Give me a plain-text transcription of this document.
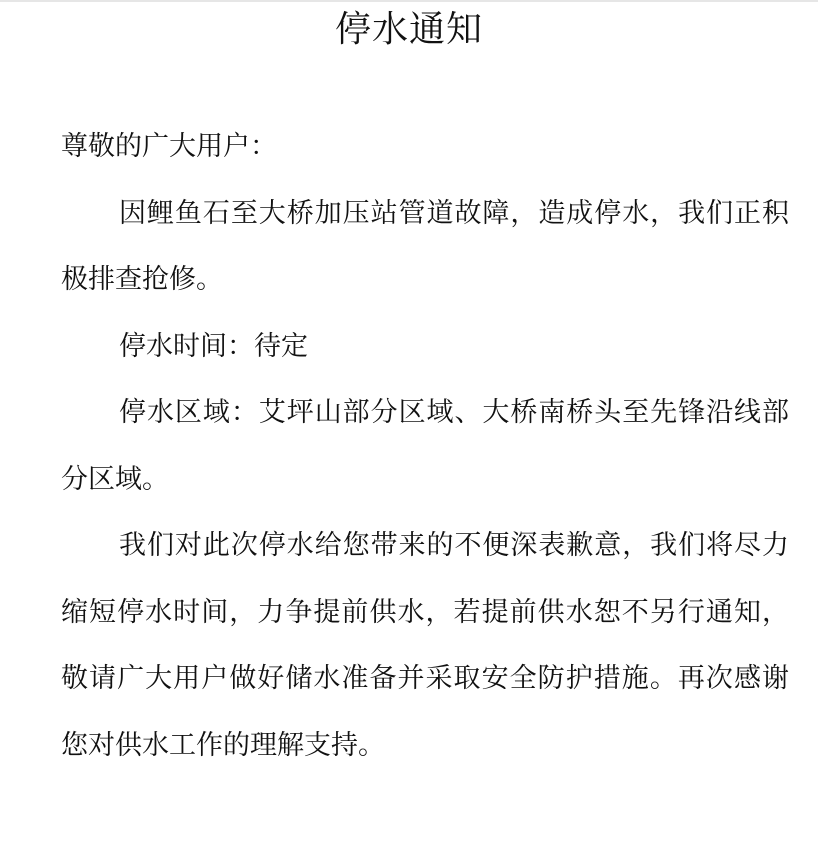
停水通知

尊敬的广大用户：

因鲤鱼石至大桥加压站管道故障，造成停水，我们正积极排查抢修。

停水时间：待定

停水区域：艾坪山部分区域、大桥南桥头至先锋沿线部分区域。

我们对此次停水给您带来的不便深表歉意，我们将尽力缩短停水时间，力争提前供水，若提前供水恕不另行通知，敬请广大用户做好储水准备并采取安全防护措施。再次感谢您对供水工作的理解支持。
